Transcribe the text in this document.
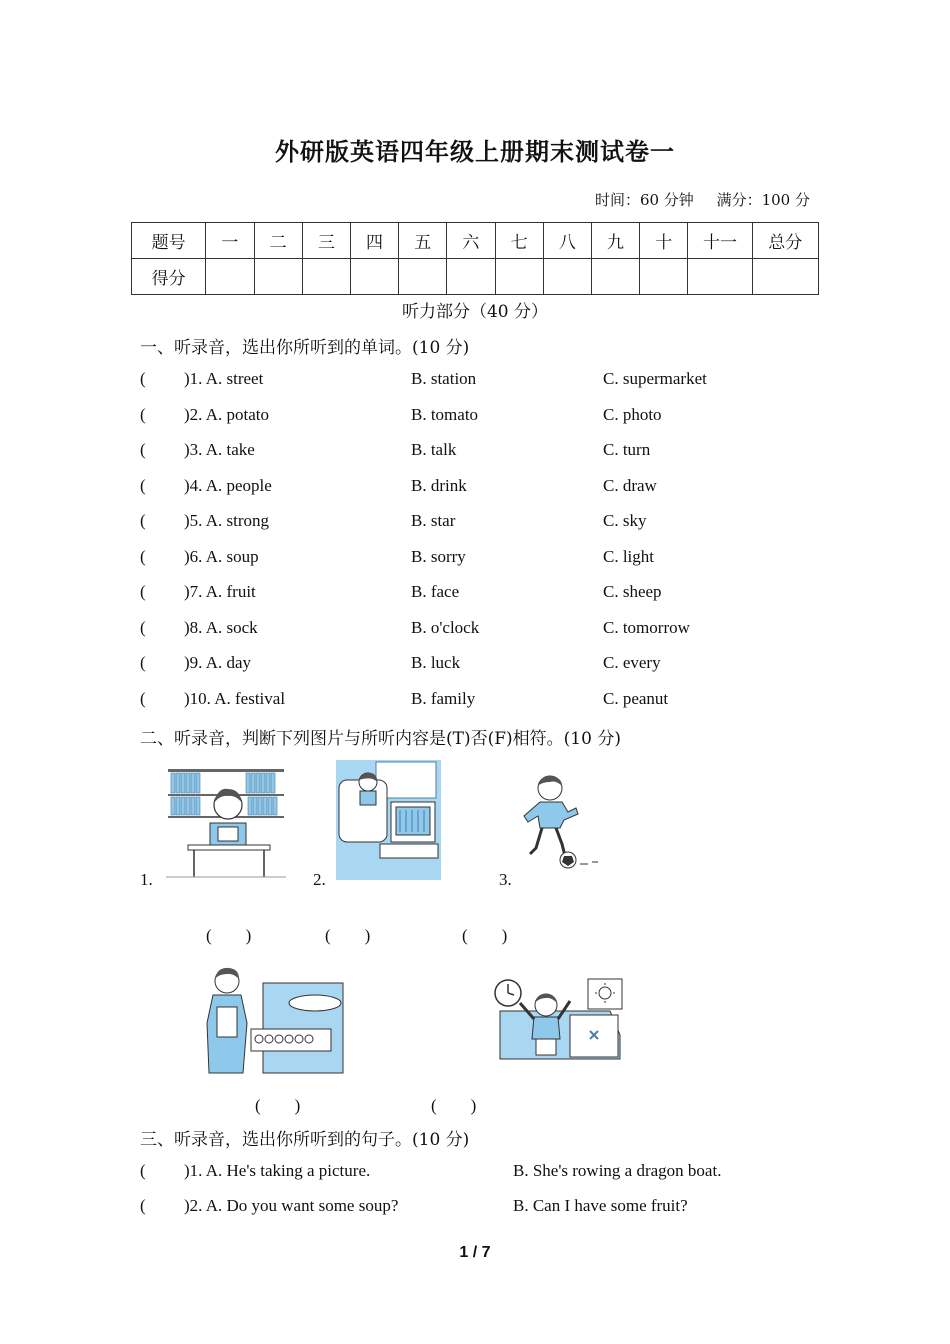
外研版英语四年级上册期末测试卷一
时间：60 分钟 满分：100 分
题号	一	二	三	四	五	六	七	八	九	十	十一	总分
得分												
听力部分（40 分）
一、听录音，选出你所听到的单词。(10 分)
( )1. A. street	B. station	C. supermarket
( )2. A. potato	B. tomato	C. photo
( )3. A. take	B. talk	C. turn
( )4. A. people	B. drink	C. draw
( )5. A. strong	B. star	C. sky
( )6. A. soup	B. sorry	C. light
( )7. A. fruit	B. face	C. sheep
( )8. A. sock	B. o'clock	C. tomorrow
( )9. A. day	B. luck	C. every
( )10. A. festival	B. family	C. peanut
二、听录音，判断下列图片与所听内容是(T)否(F)相符。(10 分)
1.	2.	3.
(　　)	(　　)	(　　)
(　　)	(　　)
三、听录音，选出你所听到的句子。(10 分)
( )1. A. He's taking a picture.	B. She's rowing a dragon boat.
( )2. A. Do you want some soup?	B. Can I have some fruit?
1 / 7
